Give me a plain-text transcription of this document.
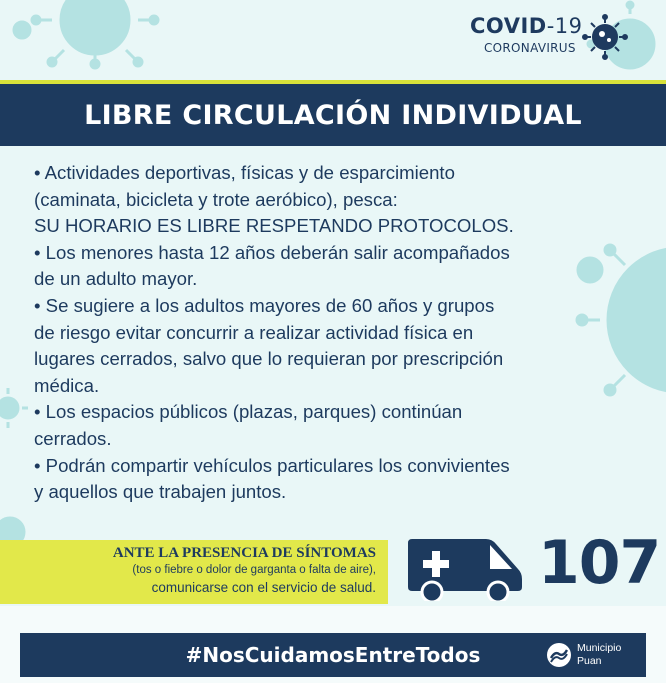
COVID-19
CORONAVIRUS
LIBRE CIRCULACIÓN INDIVIDUAL

• Actividades deportivas, físicas y de esparcimiento

(caminata, bicicleta y trote aeróbico), pesca:

SU HORARIO ES LIBRE RESPETANDO PROTOCOLOS.

• Los menores hasta 12 años deberán salir acompañados

de un adulto mayor.

• Se sugiere a los adultos mayores de 60 años y grupos

de riesgo evitar concurrir a realizar actividad física en

lugares cerrados, salvo que lo requieran por prescripción

médica.

• Los espacios públicos (plazas, parques) continúan

cerrados.

• Podrán compartir vehículos particulares los convivientes

y aquellos que trabajen juntos.

ANTE LA PRESENCIA DE SÍNTOMAS
(tos o fiebre o dolor de garganta o falta de aire),
comunicarse con el servicio de salud.	107
#NosCuidamosEntreTodos	Municipio
Puan
